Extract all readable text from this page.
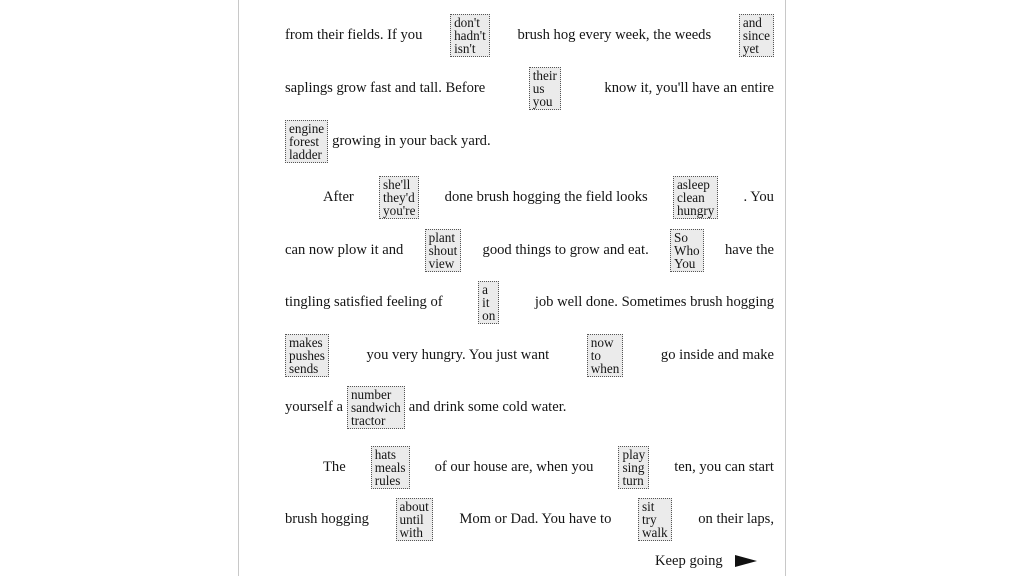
from their fields. If you
don't
hadn't
isn't
brush hog every week, the weeds
and
since
yet
saplings grow fast and tall. Before
their
us
you
know it, you'll have an entire
engine
forest
ladder
growing in your back yard.
After
she'll
they'd
you're
done brush hogging the field looks
asleep
clean
hungry
. You
can now plow it and
plant
shout
view
good things to grow and eat.
So
Who
You
have the
tingling satisfied feeling of
a
it
on
job well done. Sometimes brush hogging
makes
pushes
sends
you very hungry. You just want
now
to
when
go inside and make
yourself a
number
sandwich
tractor
and drink some cold water.
The
hats
meals
rules
of our house are, when you
play
sing
turn
ten, you can start
brush hogging
about
until
with
Mom or Dad. You have to
sit
try
walk
on their laps,
Keep going
